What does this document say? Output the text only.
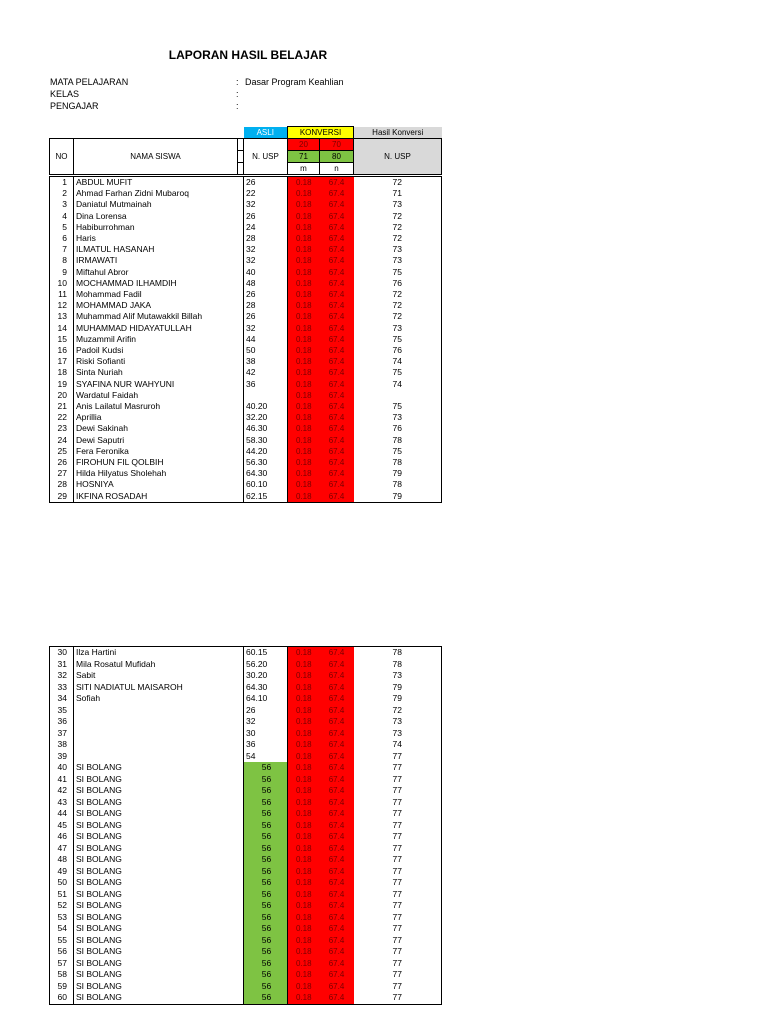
LAPORAN HASIL BELAJAR
MATA PELAJARAN	: Dasar Program Keahlian
KELAS	:
PENGAJAR	:
			ASLI	KONVERSI		Hasil Konversi
NO	NAMA SISWA		N. USP	20	70	N. USP
				71	80	
				m	n	
1	ABDUL MUFIT	26	0.18	67.4	72
2	Ahmad Farhan Zidni Mubaroq	22	0.18	67.4	71
3	Daniatul Mutmainah	32	0.18	67.4	73
4	Dina Lorensa	26	0.18	67.4	72
5	Habiburrohman	24	0.18	67.4	72
6	Haris	28	0.18	67.4	72
7	ILMATUL HASANAH	32	0.18	67.4	73
8	IRMAWATI	32	0.18	67.4	73
9	Miftahul Abror	40	0.18	67.4	75
10	MOCHAMMAD ILHAMDIH	48	0.18	67.4	76
11	Mohammad Fadil	26	0.18	67.4	72
12	MOHAMMAD JAKA	28	0.18	67.4	72
13	Muhammad Alif Mutawakkil Billah	26	0.18	67.4	72
14	MUHAMMAD HIDAYATULLAH	32	0.18	67.4	73
15	Muzammil Arifin	44	0.18	67.4	75
16	Padoil Kudsi	50	0.18	67.4	76
17	Riski Sofianti	38	0.18	67.4	74
18	Sinta Nuriah	42	0.18	67.4	75
19	SYAFINA NUR WAHYUNI	36	0.18	67.4	74
20	Wardatul Faidah		0.18	67.4	
21	Anis Lailatul Masruroh	40.20	0.18	67.4	75
22	Aprillia	32.20	0.18	67.4	73
23	Dewi Sakinah	46.30	0.18	67.4	76
24	Dewi Saputri	58.30	0.18	67.4	78
25	Fera Feronika	44.20	0.18	67.4	75
26	FIROHUN FIL QOLBIH	56.30	0.18	67.4	78
27	Hilda Hilyatus Sholehah	64.30	0.18	67.4	79
28	HOSNIYA	60.10	0.18	67.4	78
29	IKFINA ROSADAH	62.15	0.18	67.4	79
30	Ilza Hartini	60.15	0.18	67.4	78
31	Mila Rosatul Mufidah	56.20	0.18	67.4	78
32	Sabit	30.20	0.18	67.4	73
33	SITI NADIATUL MAISAROH	64.30	0.18	67.4	79
34	Sofiah	64.10	0.18	67.4	79
35		26	0.18	67.4	72
36		32	0.18	67.4	73
37		30	0.18	67.4	73
38		36	0.18	67.4	74
39		54	0.18	67.4	77
40	SI BOLANG	56	0.18	67.4	77
41	SI BOLANG	56	0.18	67.4	77
42	SI BOLANG	56	0.18	67.4	77
43	SI BOLANG	56	0.18	67.4	77
44	SI BOLANG	56	0.18	67.4	77
45	SI BOLANG	56	0.18	67.4	77
46	SI BOLANG	56	0.18	67.4	77
47	SI BOLANG	56	0.18	67.4	77
48	SI BOLANG	56	0.18	67.4	77
49	SI BOLANG	56	0.18	67.4	77
50	SI BOLANG	56	0.18	67.4	77
51	SI BOLANG	56	0.18	67.4	77
52	SI BOLANG	56	0.18	67.4	77
53	SI BOLANG	56	0.18	67.4	77
54	SI BOLANG	56	0.18	67.4	77
55	SI BOLANG	56	0.18	67.4	77
56	SI BOLANG	56	0.18	67.4	77
57	SI BOLANG	56	0.18	67.4	77
58	SI BOLANG	56	0.18	67.4	77
59	SI BOLANG	56	0.18	67.4	77
60	SI BOLANG	56	0.18	67.4	77
